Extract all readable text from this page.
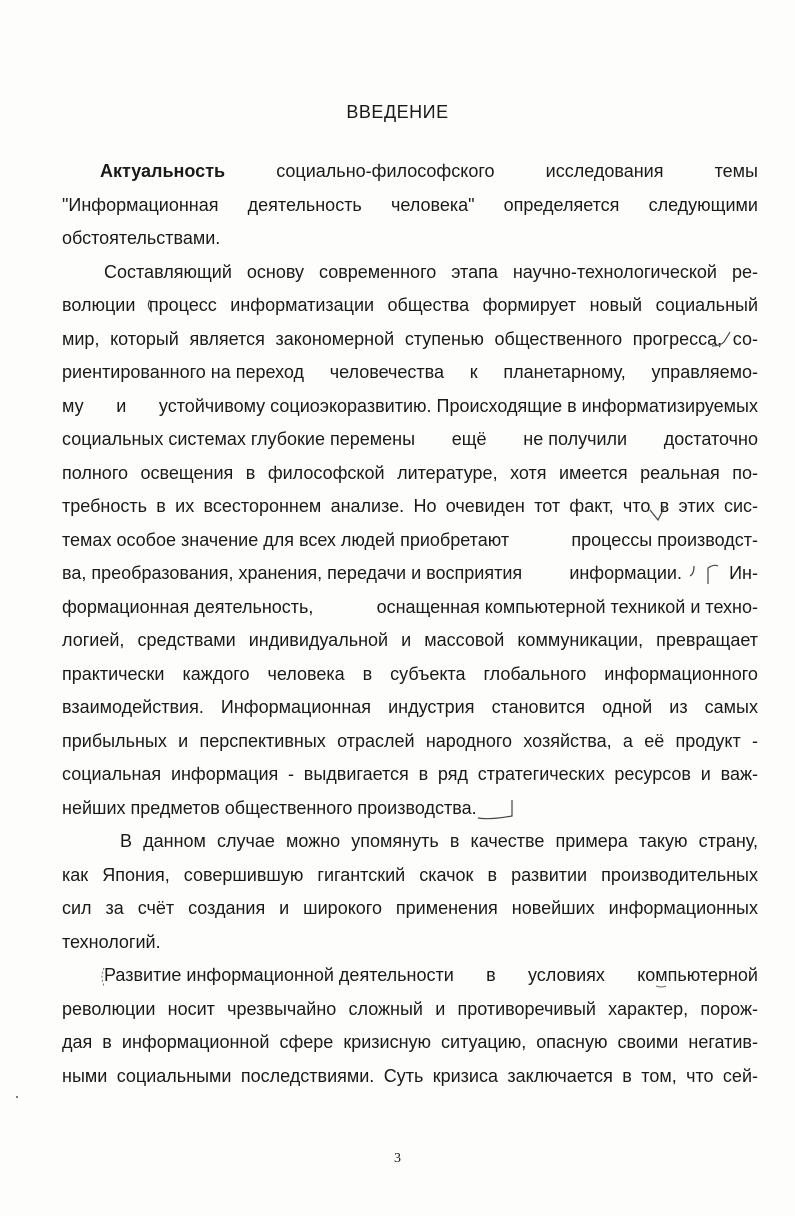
ВВЕДЕНИЕ
Актуальность	социально-философского	исследования	темы
"Информационная деятельность человека" определяется следующими
обстоятельствами.
Составляющий основу современного этапа научно-технологической ре-
волюции процесс информатизации общества формирует новый социальный
мир, который является закономерной ступенью общественного прогресса, со-
риентированного на переход человечества к планетарному, управляемо-
му и устойчивому социоэкоразвитию. Происходящие в информатизируемых
социальных системах глубокие перемены ещё не получили достаточно
полного освещения в философской литературе, хотя имеется реальная по-
требность в их всестороннем анализе. Но очевиден тот факт, что в этих сис-
темах особое значение для всех людей приобретают	процессы производст-
ва, преобразования, хранения, передачи и восприятия	информации.	Ин-
формационная деятельность,	оснащенная компьютерной техникой и техно-
логией, средствами индивидуальной и массовой коммуникации, превращает
практически каждого человека в субъекта глобального информационного
взаимодействия. Информационная индустрия становится одной из самых
прибыльных и перспективных отраслей народного хозяйства, а её продукт -
социальная информация - выдвигается в ряд стратегических ресурсов и важ-
нейших предметов общественного производства.
В данном случае можно упомянуть в качестве примера такую страну,
как Япония, совершившую гигантский скачок в развитии производительных
сил за счёт создания и широкого применения новейших информационных
технологий.
Развитие информационной деятельности в условиях компьютерной
революции носит чрезвычайно сложный и противоречивый характер, порож-
дая в информационной сфере кризисную ситуацию, опасную своими негатив-
ными социальными последствиями. Суть кризиса заключается в том, что сей-
3
